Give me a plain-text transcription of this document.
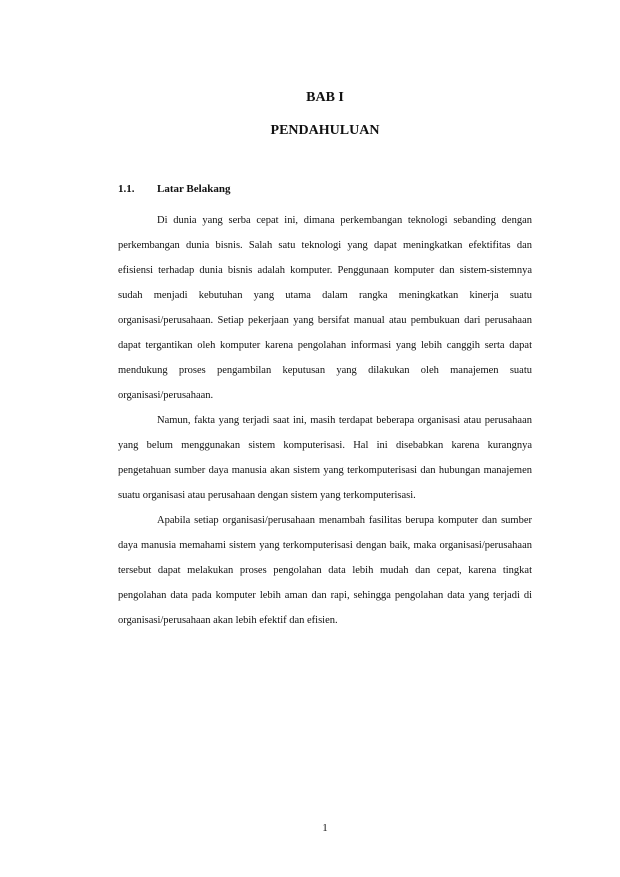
BAB I
PENDAHULUAN
1.1. Latar Belakang

Di dunia yang serba cepat ini, dimana perkembangan teknologi sebanding dengan perkembangan dunia bisnis. Salah satu teknologi yang dapat meningkatkan efektifitas dan efisiensi terhadap dunia bisnis adalah komputer. Penggunaan komputer dan sistem-sistemnya sudah menjadi kebutuhan yang utama dalam rangka meningkatkan kinerja suatu organisasi/perusahaan. Setiap pekerjaan yang bersifat manual atau pembukuan dari perusahaan dapat tergantikan oleh komputer karena pengolahan informasi yang lebih canggih serta dapat mendukung proses pengambilan keputusan yang dilakukan oleh manajemen suatu organisasi/perusahaan.

Namun, fakta yang terjadi saat ini, masih terdapat beberapa organisasi atau perusahaan yang belum menggunakan sistem komputerisasi. Hal ini disebabkan karena kurangnya pengetahuan sumber daya manusia akan sistem yang terkomputerisasi dan hubungan manajemen suatu organisasi atau perusahaan dengan sistem yang terkomputerisasi.

Apabila setiap organisasi/perusahaan menambah fasilitas berupa komputer dan sumber daya manusia memahami sistem yang terkomputerisasi dengan baik, maka organisasi/perusahaan tersebut dapat melakukan proses pengolahan data lebih mudah dan cepat, karena tingkat pengolahan data pada komputer lebih aman dan rapi, sehingga pengolahan data yang terjadi di organisasi/perusahaan akan lebih efektif dan efisien.

1
